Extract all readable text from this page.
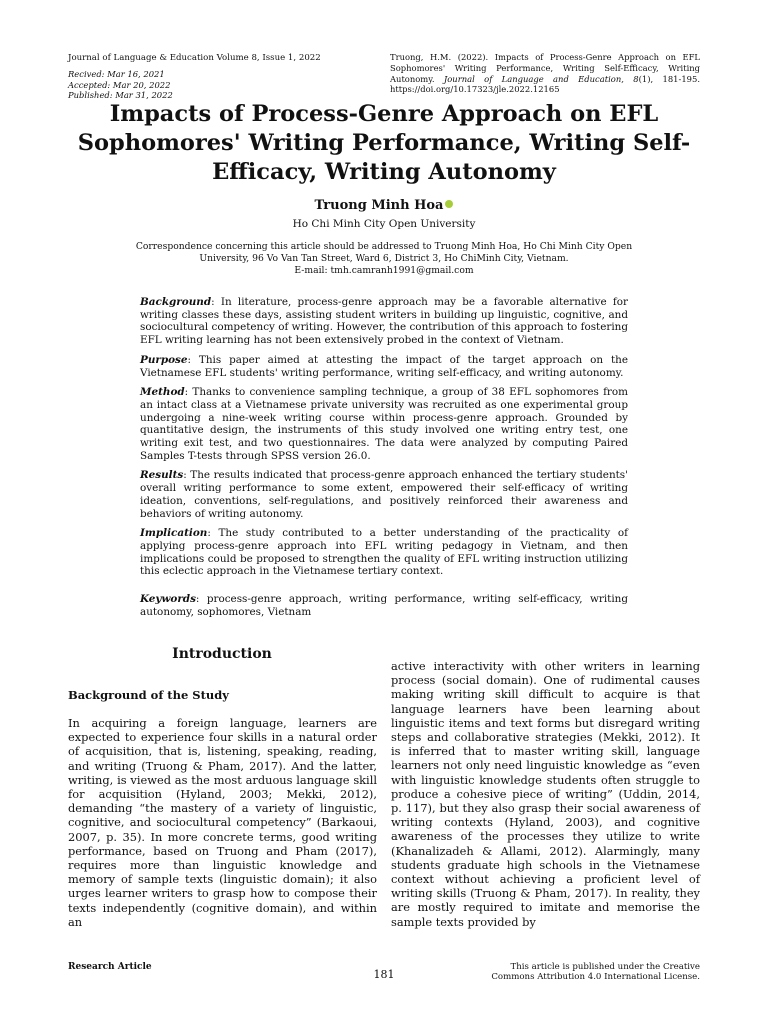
Journal of Language & Education Volume 8, Issue 1, 2022
Recived: Mar 16, 2021
Accepted: Mar 20, 2022
Published: Mar 31, 2022
Truong, H.M. (2022). Impacts of Process-Genre Approach on EFL Sophomores' Writing Performance, Writing Self-Efficacy, Writing Autonomy. Journal of Language and Education, 8(1), 181-195. https://doi.org/10.17323/jle.2022.12165
Impacts of Process-Genre Approach on EFL Sophomores' Writing Performance, Writing Self-Efficacy, Writing Autonomy
Truong Minh Hoa
Ho Chi Minh City Open University
Correspondence concerning this article should be addressed to Truong Minh Hoa, Ho Chi Minh City Open University, 96 Vo Van Tan Street, Ward 6, District 3, Ho ChiMinh City, Vietnam.
E-mail: tmh.camranh1991@gmail.com

Background: In literature, process-genre approach may be a favorable alternative for writing classes these days, assisting student writers in building up linguistic, cognitive, and sociocultural competency of writing. However, the contribution of this approach to fostering EFL writing learning has not been extensively probed in the context of Vietnam.

Purpose: This paper aimed at attesting the impact of the target approach on the Vietnamese EFL students' writing performance, writing self-efficacy, and writing autonomy.

Method: Thanks to convenience sampling technique, a group of 38 EFL sophomores from an intact class at a Vietnamese private university was recruited as one experimental group undergoing a nine-week writing course within process-genre approach. Grounded by quantitative design, the instruments of this study involved one writing entry test, one writing exit test, and two questionnaires. The data were analyzed by computing Paired Samples T-tests through SPSS version 26.0.

Results: The results indicated that process-genre approach enhanced the tertiary students' overall writing performance to some extent, empowered their self-efficacy of writing ideation, conventions, self-regulations, and positively reinforced their awareness and behaviors of writing autonomy.

Implication: The study contributed to a better understanding of the practicality of applying process-genre approach into EFL writing pedagogy in Vietnam, and then implications could be proposed to strengthen the quality of EFL writing instruction utilizing this eclectic approach in the Vietnamese tertiary context.

Keywords: process-genre approach, writing performance, writing self-efficacy, writing autonomy, sophomores, Vietnam

Introduction
Background of the Study
In acquiring a foreign language, learners are expected to experience four skills in a natural order of acquisition, that is, listening, speaking, reading, and writing (Truong & Pham, 2017). And the latter, writing, is viewed as the most arduous language skill for acquisition (Hyland, 2003; Mekki, 2012), demanding “the mastery of a variety of linguistic, cognitive, and sociocultural competency” (Barkaoui, 2007, p. 35). In more concrete terms, good writing performance, based on Truong and Pham (2017), requires more than linguistic knowledge and memory of sample texts (linguistic domain); it also urges learner writers to grasp how to compose their texts independently (cognitive domain), and within an
active interactivity with other writers in learning process (social domain). One of rudimental causes making writing skill difficult to acquire is that language learners have been learning about linguistic items and text forms but disregard writing steps and collaborative strategies (Mekki, 2012). It is inferred that to master writing skill, language learners not only need linguistic knowledge as “even with linguistic knowledge students often struggle to produce a cohesive piece of writing” (Uddin, 2014, p. 117), but they also grasp their social awareness of writing contexts (Hyland, 2003), and cognitive awareness of the processes they utilize to write (Khanalizadeh & Allami, 2012). Alarmingly, many students graduate high schools in the Vietnamese context without achieving a proficient level of writing skills (Truong & Pham, 2017). In reality, they are mostly required to imitate and memorise the sample texts provided by
Research Article
181
This article is published under the Creative Commons Attribution 4.0 International License.
